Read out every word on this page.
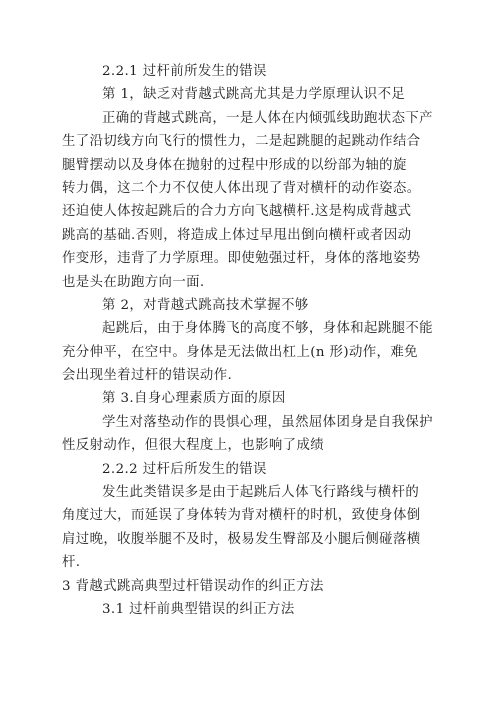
2.2.1 过杆前所发生的错误
第 1，缺乏对背越式跳高尤其是力学原理认识不足
正确的背越式跳高，一是人体在内倾弧线助跑状态下产
生了沿切线方向飞行的惯性力，二是起跳腿的起跳动作结合
腿臂摆动以及身体在抛射的过程中形成的以纷部为轴的旋
转力偶，这二个力不仅使人体出现了背对横杆的动作姿态。
还迫使人体按起跳后的合力方向飞越横杆.这是构成背越式
跳高的基础.否则，将造成上体过早甩出倒向横杆或者因动
作变形，违背了力学原理。即使勉强过杆，身体的落地姿势
也是头在助跑方向一面.
第 2，对背越式跳高技术掌握不够
起跳后，由于身体腾飞的高度不够，身体和起跳腿不能
充分伸平，在空中。身体是无法做出杠上(n 形)动作，难免
会出现坐着过杆的错误动作.
第 3.自身心理素质方面的原因
学生对落垫动作的畏惧心理，虽然屈体团身是自我保护
性反射动作，但很大程度上，也影响了成绩
2.2.2 过杆后所发生的错误
发生此类错误多是由于起跳后人体飞行路线与横杆的
角度过大，而延误了身体转为背对横杆的时机，致使身体倒
肩过晚，收腹举腿不及时，极易发生臀部及小腿后侧碰落横
杆.
3 背越式跳高典型过杆错误动作的纠正方法
3.1 过杆前典型错误的纠正方法
